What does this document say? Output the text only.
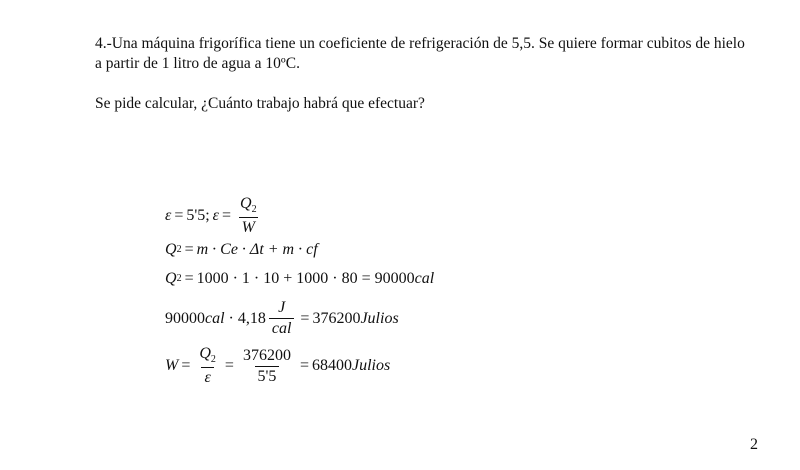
4.-Una máquina frigorífica tiene un coeficiente de refrigeración de 5,5. Se quiere formar cubitos de hielo a partir de 1 litro de agua a 10ºC.

Se pide calcular, ¿Cuánto trabajo habrá que efectuar?

ε = 5'5; $\varepsilon = \frac{Q_2}{W}$
Q 2 = m · Ce · Δt + m · cf
Q 2 = 1000 · 1 · 10 + 1000 · 80 = 90000 cal
90000 cal · $4,18 \frac{J}{\text{cal}} = 376200$ Julios
$W = \frac{Q_2}{\varepsilon} = \frac{376200}{5'5} = 68400$ Julios
2
